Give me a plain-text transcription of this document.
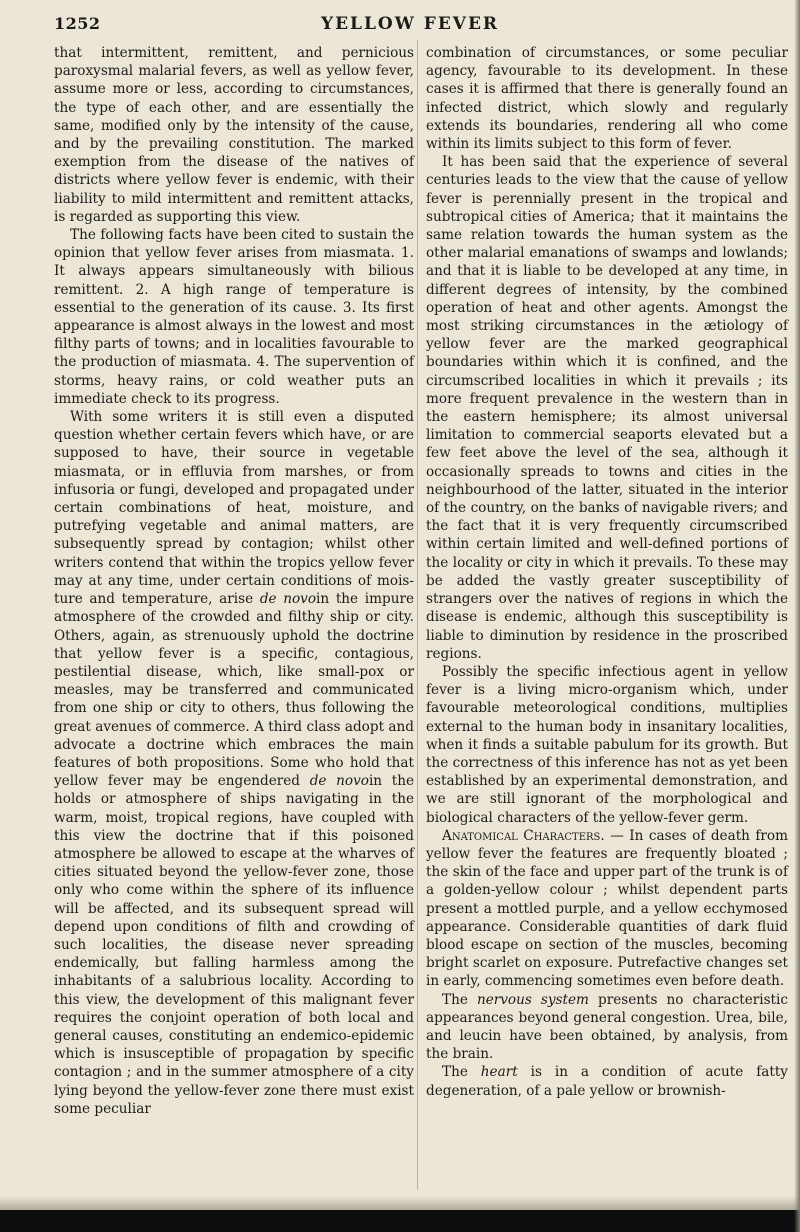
1252	YELLOW FEVER

that intermittent, remittent, and pernicious paroxysmal malarial fevers, as well as yellow fever, assume more or less, according to circumstances, the type of each other, and are essentially the same, modified only by the intensity of the cause, and by the prevailing constitution. The marked exemption from the disease of the natives of districts where yellow fever is endemic, with their liability to mild intermittent and remittent attacks, is regarded as supporting this view.

The following facts have been cited to sustain the opinion that yellow fever arises from miasmata. 1. It always appears simultaneously with bilious remittent. 2. A high range of temperature is essential to the generation of its cause. 3. Its first appearance is almost always in the lowest and most filthy parts of towns; and in localities favourable to the production of miasmata. 4. The supervention of storms, heavy rains, or cold weather puts an immediate check to its progress.

With some writers it is still even a disputed question whether certain fevers which have, or are supposed to have, their source in vegetable miasmata, or in effluvia from marshes, or from infusoria or fungi, developed and propagated under certain combinations of heat, moisture, and putrefying vegetable and animal matters, are subsequently spread by contagion; whilst other writers contend that within the tropics yellow fever may at any time, under certain conditions of moisture and temperature, arise de novoin the impure atmosphere of the crowded and filthy ship or city. Others, again, as strenuously uphold the doctrine that yellow fever is a specific, contagious, pestilential disease, which, like small-pox or measles, may be transferred and communicated from one ship or city to others, thus following the great avenues of commerce. A third class adopt and advocate a doctrine which embraces the main features of both propositions. Some who hold that yellow fever may be engendered de novoin the holds or atmosphere of ships navigating in the warm, moist, tropical regions, have coupled with this view the doctrine that if this poisoned atmosphere be allowed to escape at the wharves of cities situated beyond the yellow-fever zone, those only who come within the sphere of its influence will be affected, and its subsequent spread will depend upon conditions of filth and crowding of such localities, the disease never spreading endemically, but falling harmless among the inhabitants of a salubrious locality. According to this view, the development of this malignant fever requires the conjoint operation of both local and general causes, constituting an endemico-epidemic which is insusceptible of propagation by specific contagion ; and in the summer atmosphere of a city lying beyond the yellow-fever zone there must exist some peculiar

combination of circumstances, or some peculiar agency, favourable to its development. In these cases it is affirmed that there is generally found an infected district, which slowly and regularly extends its boundaries, rendering all who come within its limits subject to this form of fever.

It has been said that the experience of several centuries leads to the view that the cause of yellow fever is perennially present in the tropical and subtropical cities of America; that it maintains the same relation towards the human system as the other malarial emanations of swamps and lowlands; and that it is liable to be developed at any time, in different degrees of intensity, by the combined operation of heat and other agents. Amongst the most striking circumstances in the ætiology of yellow fever are the marked geographical boundaries within which it is confined, and the circumscribed localities in which it prevails ; its more frequent prevalence in the western than in the eastern hemisphere; its almost universal limitation to commercial seaports elevated but a few feet above the level of the sea, although it occasionally spreads to towns and cities in the neighbourhood of the latter, situated in the interior of the country, on the banks of navigable rivers; and the fact that it is very frequently circumscribed within certain limited and well-defined portions of the locality or city in which it prevails. To these may be added the vastly greater susceptibility of strangers over the natives of regions in which the disease is endemic, although this susceptibility is liable to diminution by residence in the proscribed regions.

Possibly the specific infectious agent in yellow fever is a living micro-organism which, under favourable meteorological conditions, multiplies external to the human body in insanitary localities, when it finds a suitable pabulum for its growth. But the correctness of this inference has not as yet been established by an experimental demonstration, and we are still ignorant of the morphological and biological characters of the yellow-fever germ.

Anatomical Characters. — In cases of death from yellow fever the features are frequently bloated ; the skin of the face and upper part of the trunk is of a golden-yellow colour ; whilst dependent parts present a mottled purple, and a yellow ecchymosed appearance. Considerable quantities of dark fluid blood escape on section of the muscles, becoming bright scarlet on exposure. Putrefactive changes set in early, commencing sometimes even before death.

The nervous system presents no characteristic appearances beyond general congestion. Urea, bile, and leucin have been obtained, by analysis, from the brain.

The heart is in a condition of acute fatty degeneration, of a pale yellow or brownish-
